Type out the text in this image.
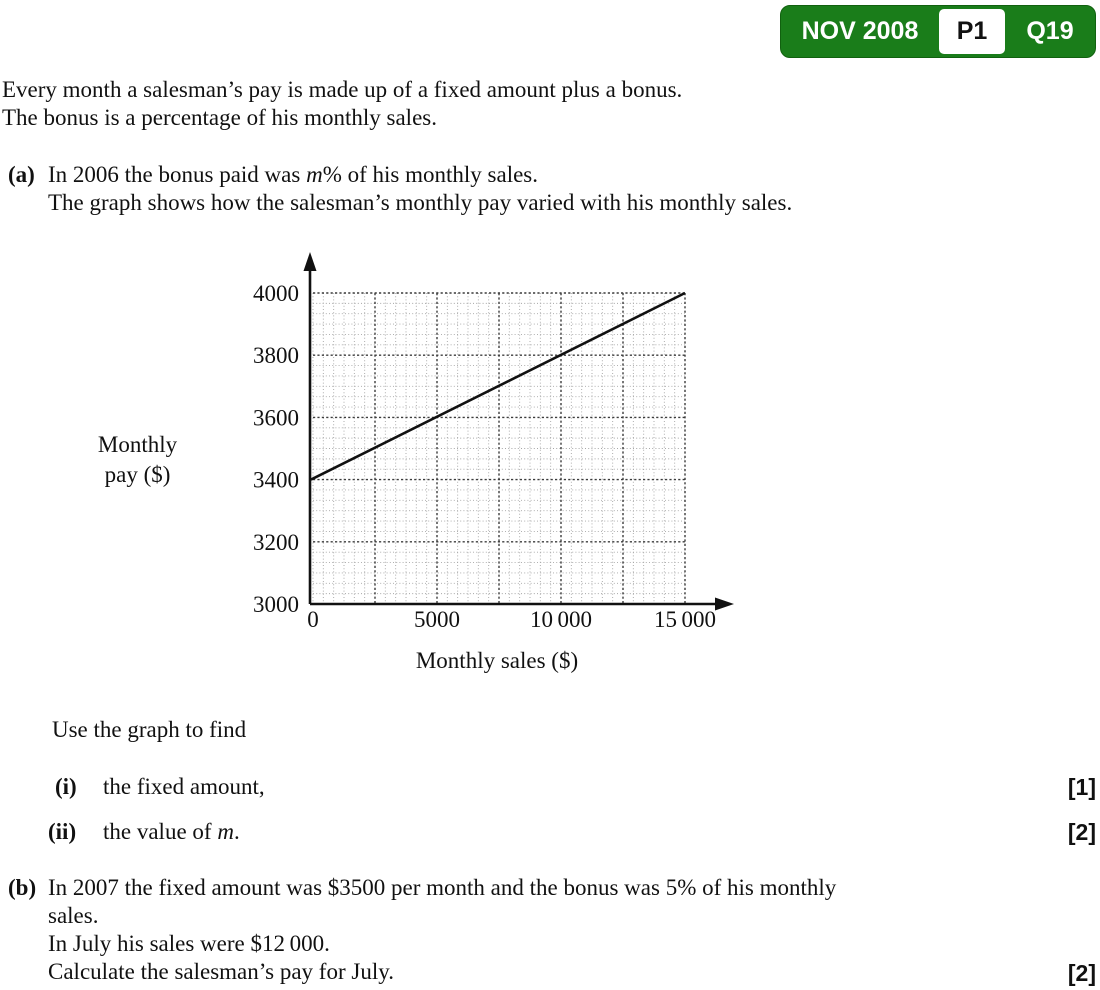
NOV 2008	P1	Q19
Every month a salesman’s pay is made up of a fixed amount plus a bonus.
The bonus is a percentage of his monthly sales.
(a) In 2006 the bonus paid was m% of his monthly sales.
The graph shows how the salesman’s monthly pay varied with his monthly sales.
3000
3200
3400
3600
3800
4000
0	5000	10 000	15 000
Monthly
pay ($)
Monthly sales ($)
Use the graph to find
(i) the fixed amount,	[1]
(ii) the value of m.	[2]
(b) In 2007 the fixed amount was $3500 per month and the bonus was 5% of his monthly
sales.
In July his sales were $12 000.
Calculate the salesman’s pay for July.	[2]
